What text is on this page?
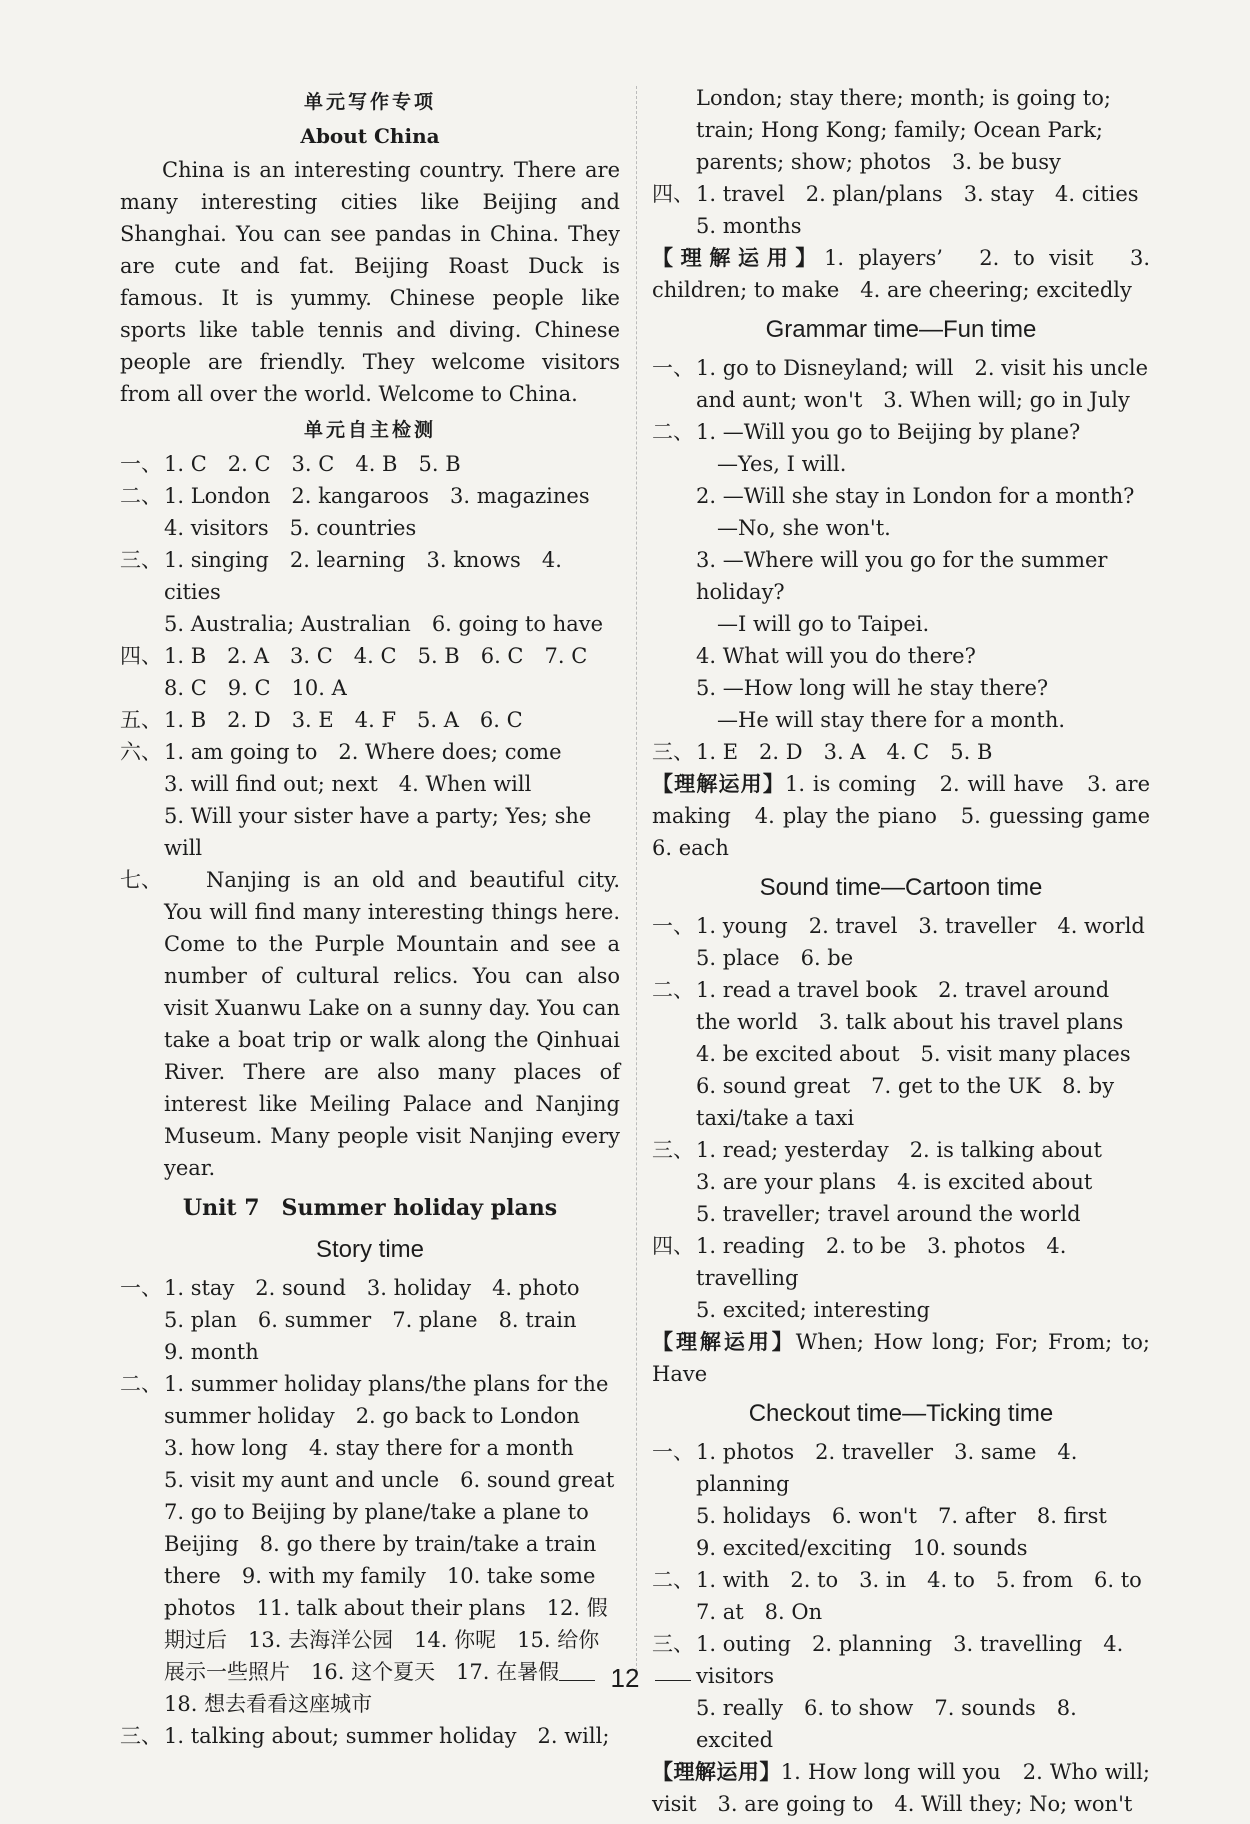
单元写作专项
About China

China is an interesting country. There are many interesting cities like Beijing and Shanghai. You can see pandas in China. They are cute and fat. Beijing Roast Duck is famous. It is yummy. Chinese people like sports like table tennis and diving. Chinese people are friendly. They welcome visitors from all over the world. Welcome to China.

单元自主检测
一、 1. C　2. C　3. C　4. B　5. B
二、 1. London　2. kangaroos　3. magazines
4. visitors　5. countries
三、 1. singing　2. learning　3. knows　4. cities
5. Australia; Australian　6. going to have
四、 1. B　2. A　3. C　4. C　5. B　6. C　7. C
8. C　9. C　10. A
五、 1. B　2. D　3. E　4. F　5. A　6. C
六、 1. am going to　2. Where does; come
3. will find out; next　4. When will
5. Will your sister have a party; Yes; she will
七、	Nanjing is an old and beautiful city. You will find many interesting things here. Come to the Purple Mountain and see a number of cultural relics. You can also visit Xuanwu Lake on a sunny day. You can take a boat trip or walk along the Qinhuai River. There are also many places of interest like Meiling Palace and Nanjing Museum. Many people visit Nanjing every year.

Unit 7　Summer holiday plans
Story time
一、 1. stay　2. sound　3. holiday　4. photo
5. plan　6. summer　7. plane　8. train
9. month
二、 1. summer holiday plans/the plans for the summer holiday　2. go back to London
3. how long　4. stay there for a month
5. visit my aunt and uncle　6. sound great
7. go to Beijing by plane/take a plane to Beijing　8. go there by train/take a train there　9. with my family　10. take some photos　11. talk about their plans　12. 假期过后　13. 去海洋公园　14. 你呢　15. 给你展示一些照片　16. 这个夏天　17. 在暑假
18. 想去看看这座城市
三、 1. talking about; summer holiday　2. will;
London; stay there; month; is going to;
train; Hong Kong; family; Ocean Park;
parents; show; photos　3. be busy
四、 1. travel　2. plan/plans　3. stay　4. cities
5. months

【理解运用】1. players’　2. to visit　3. children; to make　4. are cheering; excitedly

Grammar time—Fun time
一、 1. go to Disneyland; will　2. visit his uncle and aunt; won't　3. When will; go in July
二、 1. —Will you go to Beijing by plane?
　—Yes, I will.
2. —Will she stay in London for a month?
　—No, she won't.
3. —Where will you go for the summer holiday?
　—I will go to Taipei.
4. What will you do there?
5. —How long will he stay there?
　—He will stay there for a month.
三、 1. E　2. D　3. A　4. C　5. B

【理解运用】1. is coming　2. will have　3. are making　4. play the piano　5. guessing game　6. each

Sound time—Cartoon time
一、 1. young　2. travel　3. traveller　4. world
5. place　6. be
二、 1. read a travel book　2. travel around the world　3. talk about his travel plans　4. be excited about　5. visit many places
6. sound great　7. get to the UK　8. by taxi/take a taxi
三、 1. read; yesterday　2. is talking about
3. are your plans　4. is excited about
5. traveller; travel around the world
四、 1. reading　2. to be　3. photos　4. travelling
5. excited; interesting

【理解运用】When; How long; For; From; to; Have

Checkout time—Ticking time
一、 1. photos　2. traveller　3. same　4. planning
5. holidays　6. won't　7. after　8. first
9. excited/exciting　10. sounds
二、 1. with　2. to　3. in　4. to　5. from　6. to
7. at　8. On
三、 1. outing　2. planning　3. travelling　4. visitors
5. really　6. to show　7. sounds　8. excited

【理解运用】1. How long will you　2. Who will; visit　3. are going to　4. Will they; No; won't

12
